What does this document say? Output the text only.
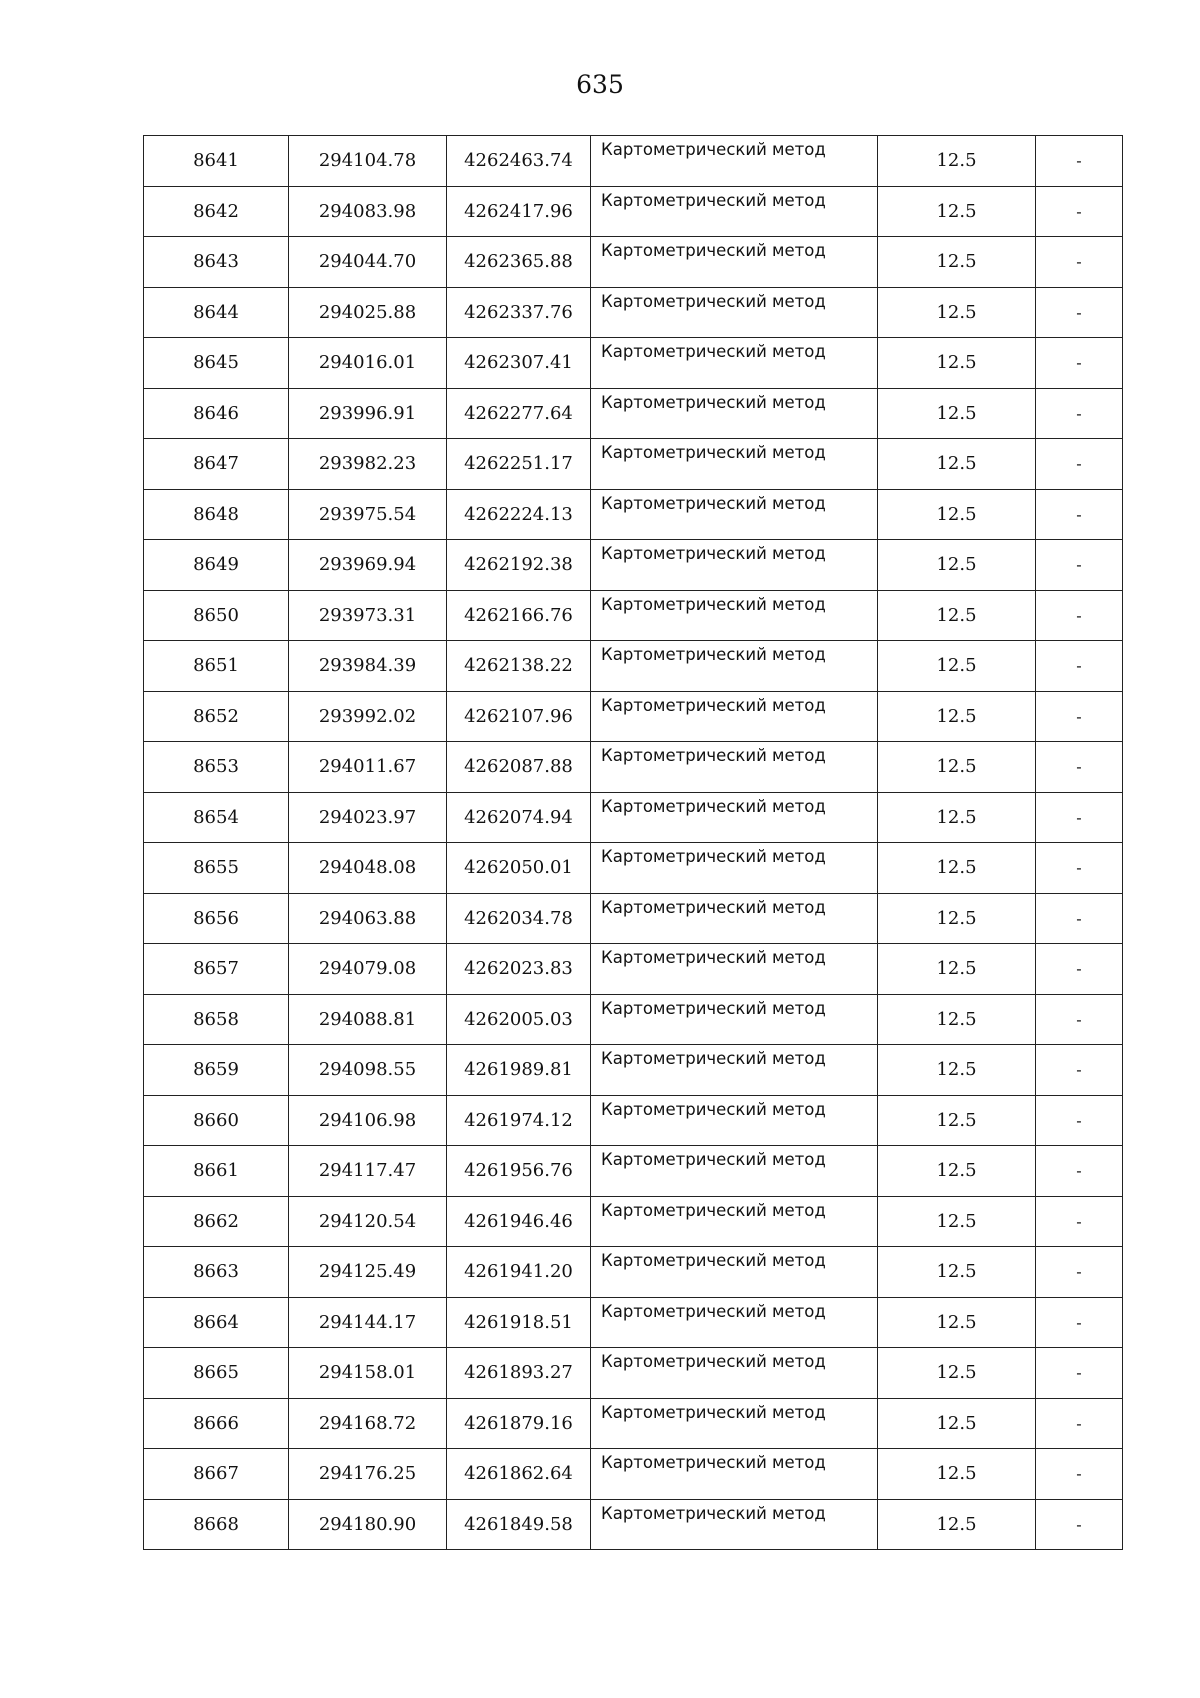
635
8641	294104.78	4262463.74	Картометрический метод	12.5	-
8642	294083.98	4262417.96	Картометрический метод	12.5	-
8643	294044.70	4262365.88	Картометрический метод	12.5	-
8644	294025.88	4262337.76	Картометрический метод	12.5	-
8645	294016.01	4262307.41	Картометрический метод	12.5	-
8646	293996.91	4262277.64	Картометрический метод	12.5	-
8647	293982.23	4262251.17	Картометрический метод	12.5	-
8648	293975.54	4262224.13	Картометрический метод	12.5	-
8649	293969.94	4262192.38	Картометрический метод	12.5	-
8650	293973.31	4262166.76	Картометрический метод	12.5	-
8651	293984.39	4262138.22	Картометрический метод	12.5	-
8652	293992.02	4262107.96	Картометрический метод	12.5	-
8653	294011.67	4262087.88	Картометрический метод	12.5	-
8654	294023.97	4262074.94	Картометрический метод	12.5	-
8655	294048.08	4262050.01	Картометрический метод	12.5	-
8656	294063.88	4262034.78	Картометрический метод	12.5	-
8657	294079.08	4262023.83	Картометрический метод	12.5	-
8658	294088.81	4262005.03	Картометрический метод	12.5	-
8659	294098.55	4261989.81	Картометрический метод	12.5	-
8660	294106.98	4261974.12	Картометрический метод	12.5	-
8661	294117.47	4261956.76	Картометрический метод	12.5	-
8662	294120.54	4261946.46	Картометрический метод	12.5	-
8663	294125.49	4261941.20	Картометрический метод	12.5	-
8664	294144.17	4261918.51	Картометрический метод	12.5	-
8665	294158.01	4261893.27	Картометрический метод	12.5	-
8666	294168.72	4261879.16	Картометрический метод	12.5	-
8667	294176.25	4261862.64	Картометрический метод	12.5	-
8668	294180.90	4261849.58	Картометрический метод	12.5	-
